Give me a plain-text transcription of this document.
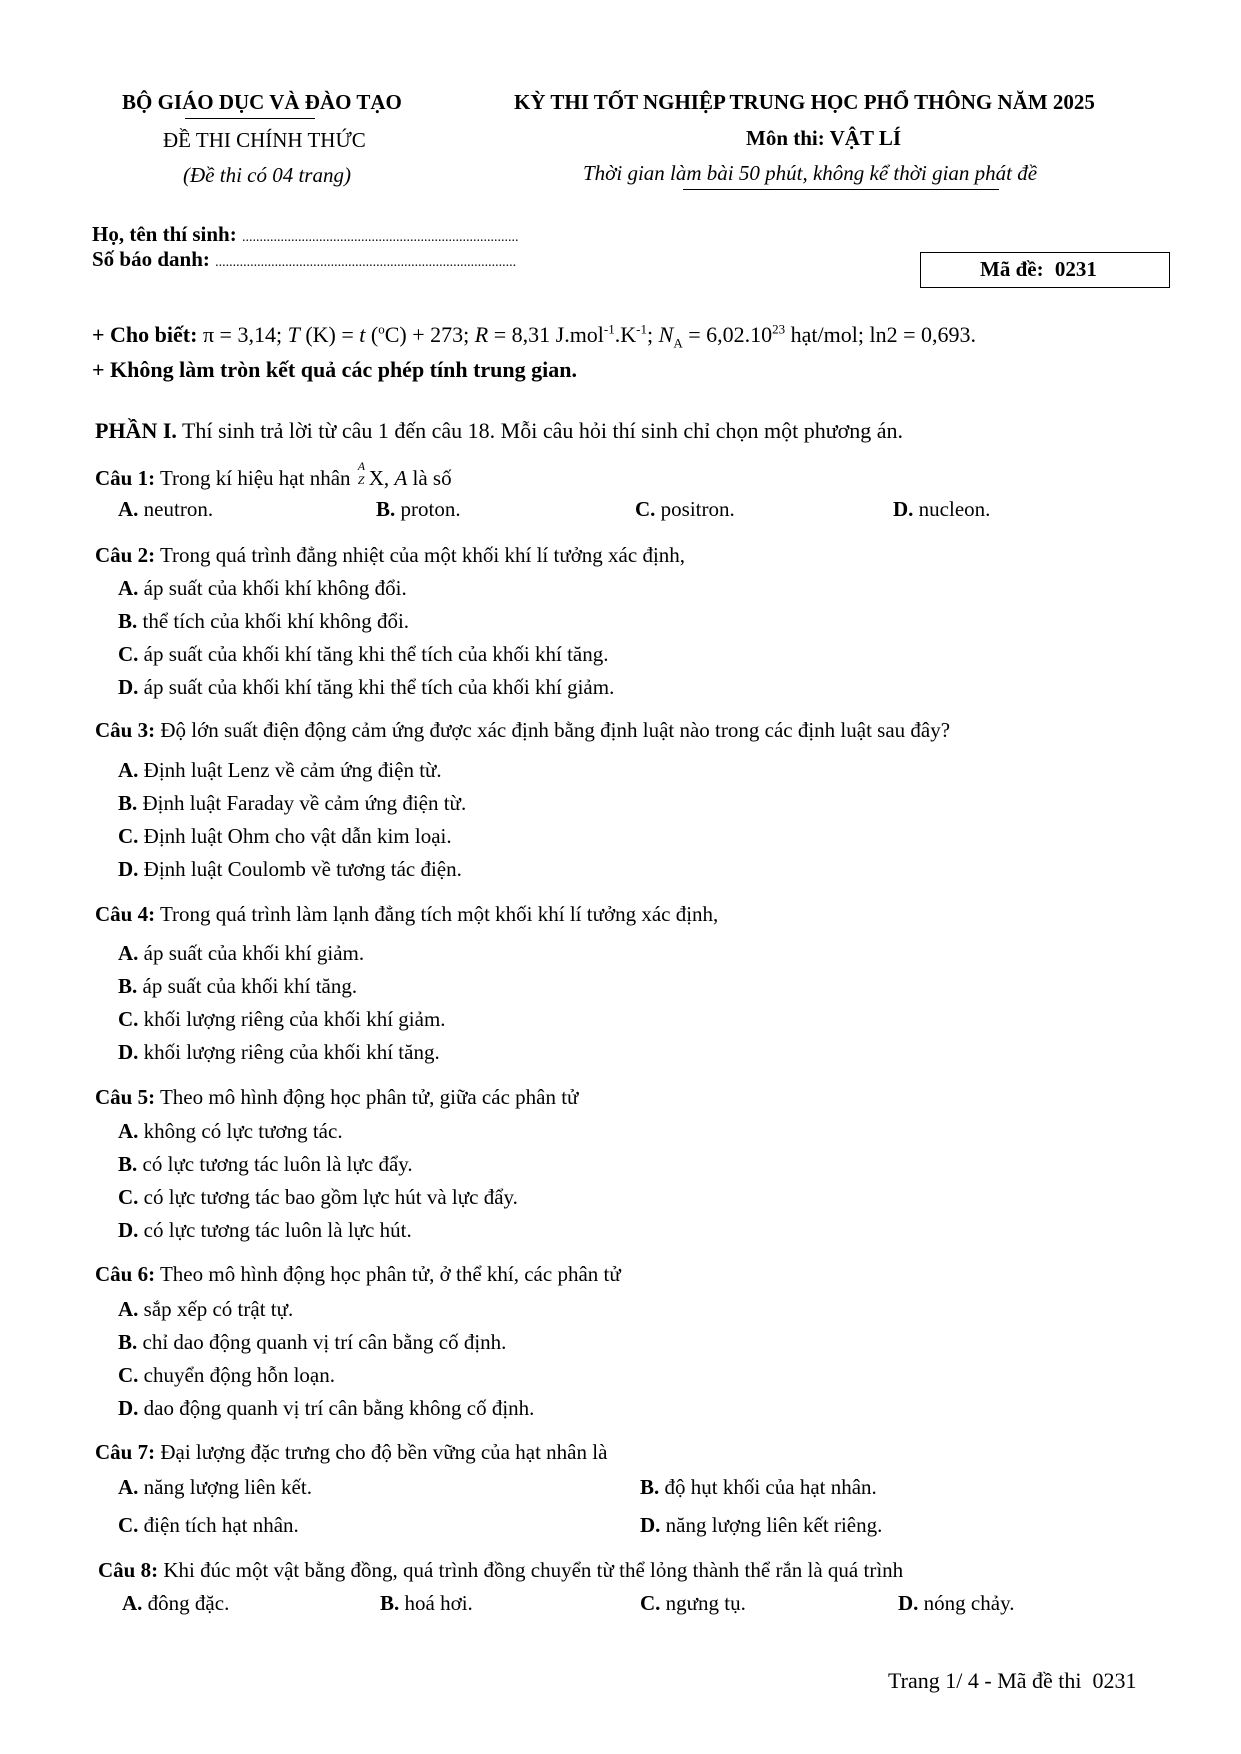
BỘ GIÁO DỤC VÀ ĐÀO TẠO
ĐỀ THI CHÍNH THỨC
(Đề thi có 04 trang)
KỲ THI TỐT NGHIỆP TRUNG HỌC PHỔ THÔNG NĂM 2025
Môn thi: VẬT LÍ
Thời gian làm bài 50 phút, không kể thời gian phát đề
Họ, tên thí sinh: ...............................................................................
Số báo danh: ......................................................................................	Mã đề: 0231
+ Cho biết: π = 3,14; T (K) = t ($^o$C) + 273; R = 8,31 $J.mol^{-1}.K^{-1}$; $N_A = 6,02.10^{23}$ hạt/mol; ln2 = 0,693.
+ Không làm tròn kết quả các phép tính trung gian.
PHẦN I. Thí sinh trả lời từ câu 1 đến câu 18. Mỗi câu hỏi thí sinh chỉ chọn một phương án.
Câu 1: Trong kí hiệu hạt nhân A
Z X, A là số
A. neutron.	B. proton.	C. positron.	D. nucleon.
Câu 2: Trong quá trình đẳng nhiệt của một khối khí lí tưởng xác định,
A. áp suất của khối khí không đổi.
B. thể tích của khối khí không đổi.
C. áp suất của khối khí tăng khi thể tích của khối khí tăng.
D. áp suất của khối khí tăng khi thể tích của khối khí giảm.
Câu 3: Độ lớn suất điện động cảm ứng được xác định bằng định luật nào trong các định luật sau đây?
A. Định luật Lenz về cảm ứng điện từ.
B. Định luật Faraday về cảm ứng điện từ.
C. Định luật Ohm cho vật dẫn kim loại.
D. Định luật Coulomb về tương tác điện.
Câu 4: Trong quá trình làm lạnh đẳng tích một khối khí lí tưởng xác định,
A. áp suất của khối khí giảm.
B. áp suất của khối khí tăng.
C. khối lượng riêng của khối khí giảm.
D. khối lượng riêng của khối khí tăng.
Câu 5: Theo mô hình động học phân tử, giữa các phân tử
A. không có lực tương tác.
B. có lực tương tác luôn là lực đẩy.
C. có lực tương tác bao gồm lực hút và lực đẩy.
D. có lực tương tác luôn là lực hút.
Câu 6: Theo mô hình động học phân tử, ở thể khí, các phân tử
A. sắp xếp có trật tự.
B. chỉ dao động quanh vị trí cân bằng cố định.
C. chuyển động hỗn loạn.
D. dao động quanh vị trí cân bằng không cố định.
Câu 7: Đại lượng đặc trưng cho độ bền vững của hạt nhân là
A. năng lượng liên kết.	B. độ hụt khối của hạt nhân.
C. điện tích hạt nhân.	D. năng lượng liên kết riêng.
Câu 8: Khi đúc một vật bằng đồng, quá trình đồng chuyển từ thể lỏng thành thể rắn là quá trình
A. đông đặc.	B. hoá hơi.	C. ngưng tụ.	D. nóng chảy.
Trang 1/ 4 - Mã đề thi  0231
